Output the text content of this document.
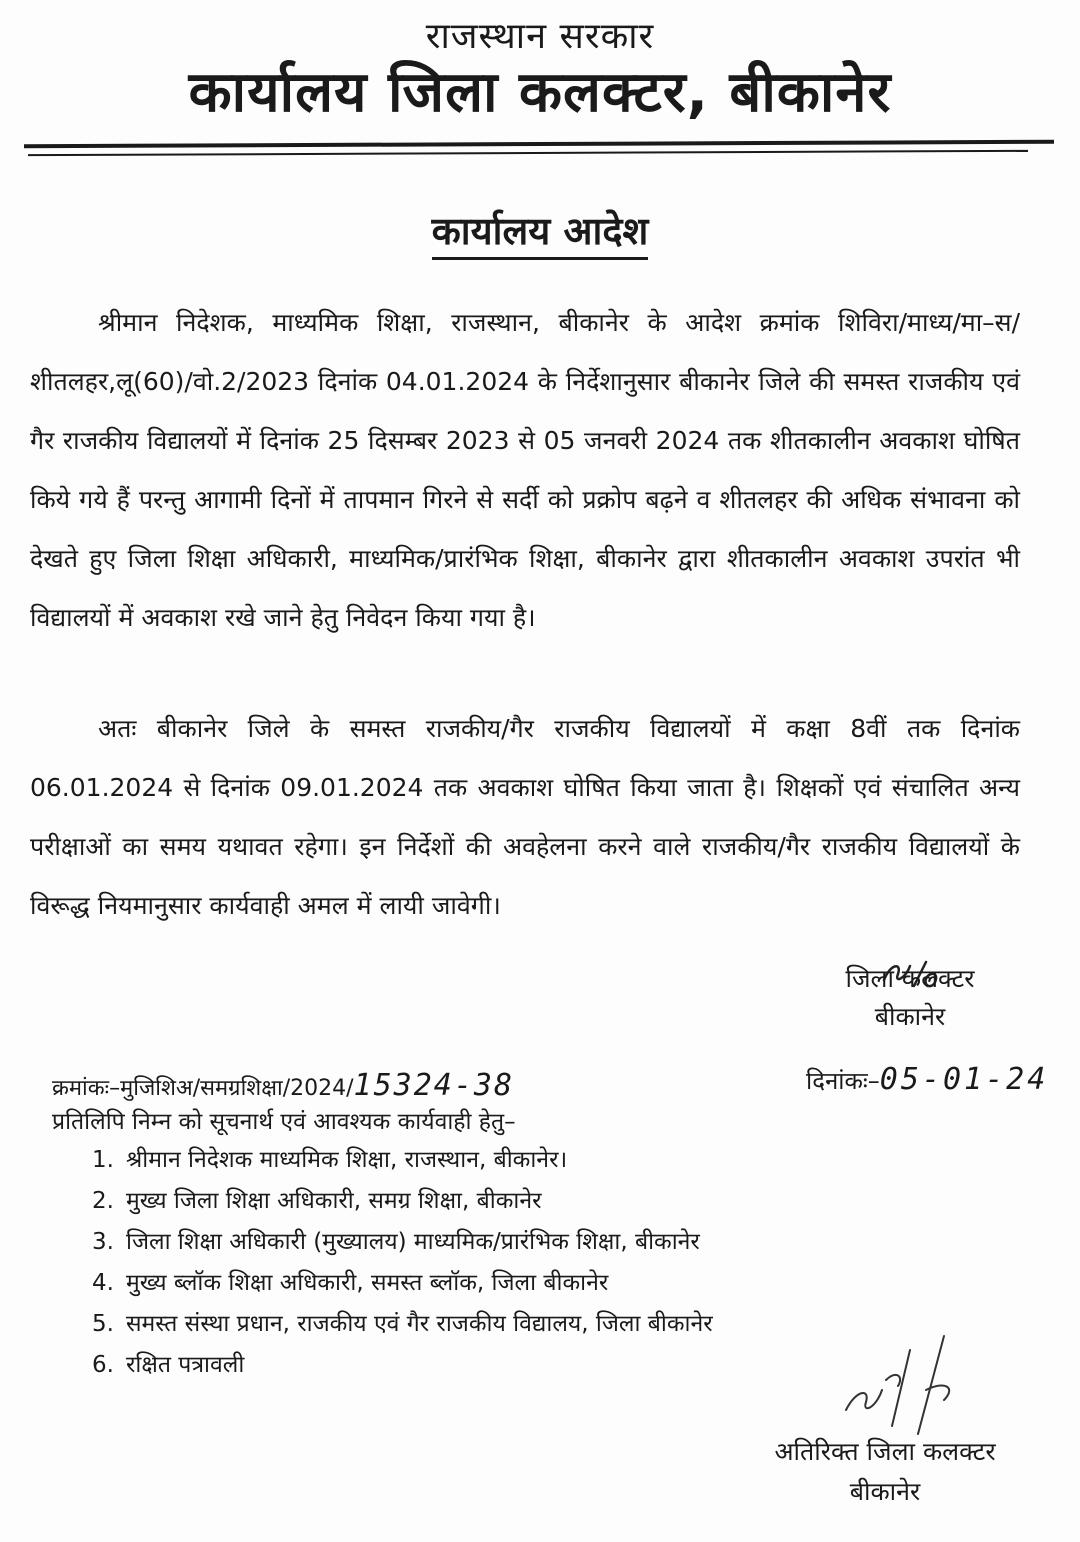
राजस्थान सरकार
कार्यालय जिला कलक्टर, बीकानेर
कार्यालय आदेश

श्रीमान निदेशक, माध्यमिक शिक्षा, राजस्थान, बीकानेर के आदेश क्रमांक शिविरा/माध्य/मा–स/शीतलहर,लू(60)/वो.2/2023 दिनांक 04.01.2024 के निर्देशानुसार बीकानेर जिले की समस्त राजकीय एवं गैर राजकीय विद्यालयों में दिनांक 25 दिसम्बर 2023 से 05 जनवरी 2024 तक शीतकालीन अवकाश घोषित किये गये हैं परन्तु आगामी दिनों में तापमान गिरने से सर्दी को प्रक्रोप बढ़ने व शीतलहर की अधिक संभावना को देखते हुए जिला शिक्षा अधिकारी, माध्यमिक/प्रारंभिक शिक्षा, बीकानेर द्वारा शीतकालीन अवकाश उपरांत भी विद्यालयों में अवकाश रखे जाने हेतु निवेदन किया गया है।

अतः बीकानेर जिले के समस्त राजकीय/गैर राजकीय विद्यालयों में कक्षा 8वीं तक दिनांक 06.01.2024 से दिनांक 09.01.2024 तक अवकाश घोषित किया जाता है। शिक्षकों एवं संचालित अन्य परीक्षाओं का समय यथावत रहेगा। इन निर्देशों की अवहेलना करने वाले राजकीय/गैर राजकीय विद्यालयों के विरूद्ध नियमानुसार कार्यवाही अमल में लायी जावेगी।

जिला कलक्टर
बीकानेर
क्रमांकः–मुजिशिअ/समग्रशिक्षा/2024/15324-38	दिनांकः–05-01-24
प्रतिलिपि निम्न को सूचनार्थ एवं आवश्यक कार्यवाही हेतु–
1. श्रीमान निदेशक माध्यमिक शिक्षा, राजस्थान, बीकानेर।
2. मुख्य जिला शिक्षा अधिकारी, समग्र शिक्षा, बीकानेर
3. जिला शिक्षा अधिकारी (मुख्यालय) माध्यमिक/प्रारंभिक शिक्षा, बीकानेर
4. मुख्य ब्लॉक शिक्षा अधिकारी, समस्त ब्लॉक, जिला बीकानेर
5. समस्त संस्था प्रधान, राजकीय एवं गैर राजकीय विद्यालय, जिला बीकानेर
6. रक्षित पत्रावली
अतिरिक्त जिला कलक्टर
बीकानेर
